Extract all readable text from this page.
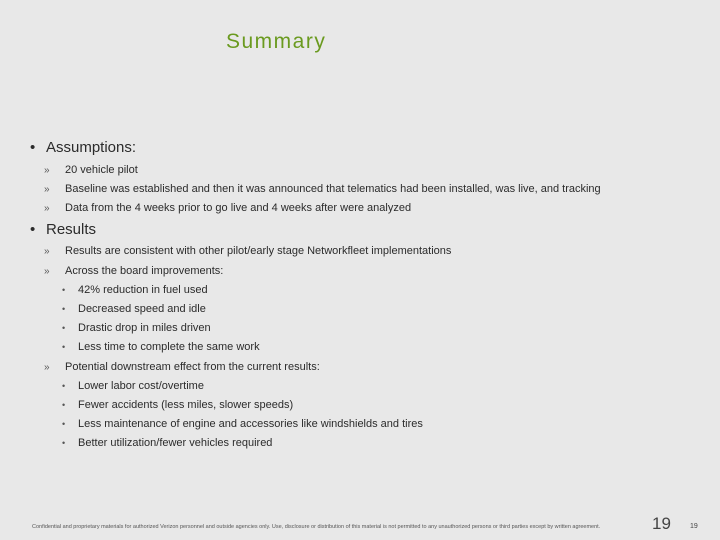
Summary
• Assumptions:
» 20 vehicle pilot
» Baseline was established and then it was announced that telematics had been installed, was live, and tracking
» Data from the 4 weeks prior to go live and 4 weeks after were analyzed
• Results
» Results are consistent with other pilot/early stage Networkfleet implementations
» Across the board improvements:
• 42% reduction in fuel used
• Decreased speed and idle
• Drastic drop in miles driven
• Less time to complete the same work
» Potential downstream effect from the current results:
• Lower labor cost/overtime
• Fewer accidents (less miles, slower speeds)
• Less maintenance of engine and accessories like windshields and tires
• Better utilization/fewer vehicles required
Confidential and proprietary materials for authorized Verizon personnel and outside agencies only. Use, disclosure or distribution of this material is not permitted to any unauthorized persons or third parties except by written agreement.	19	19
